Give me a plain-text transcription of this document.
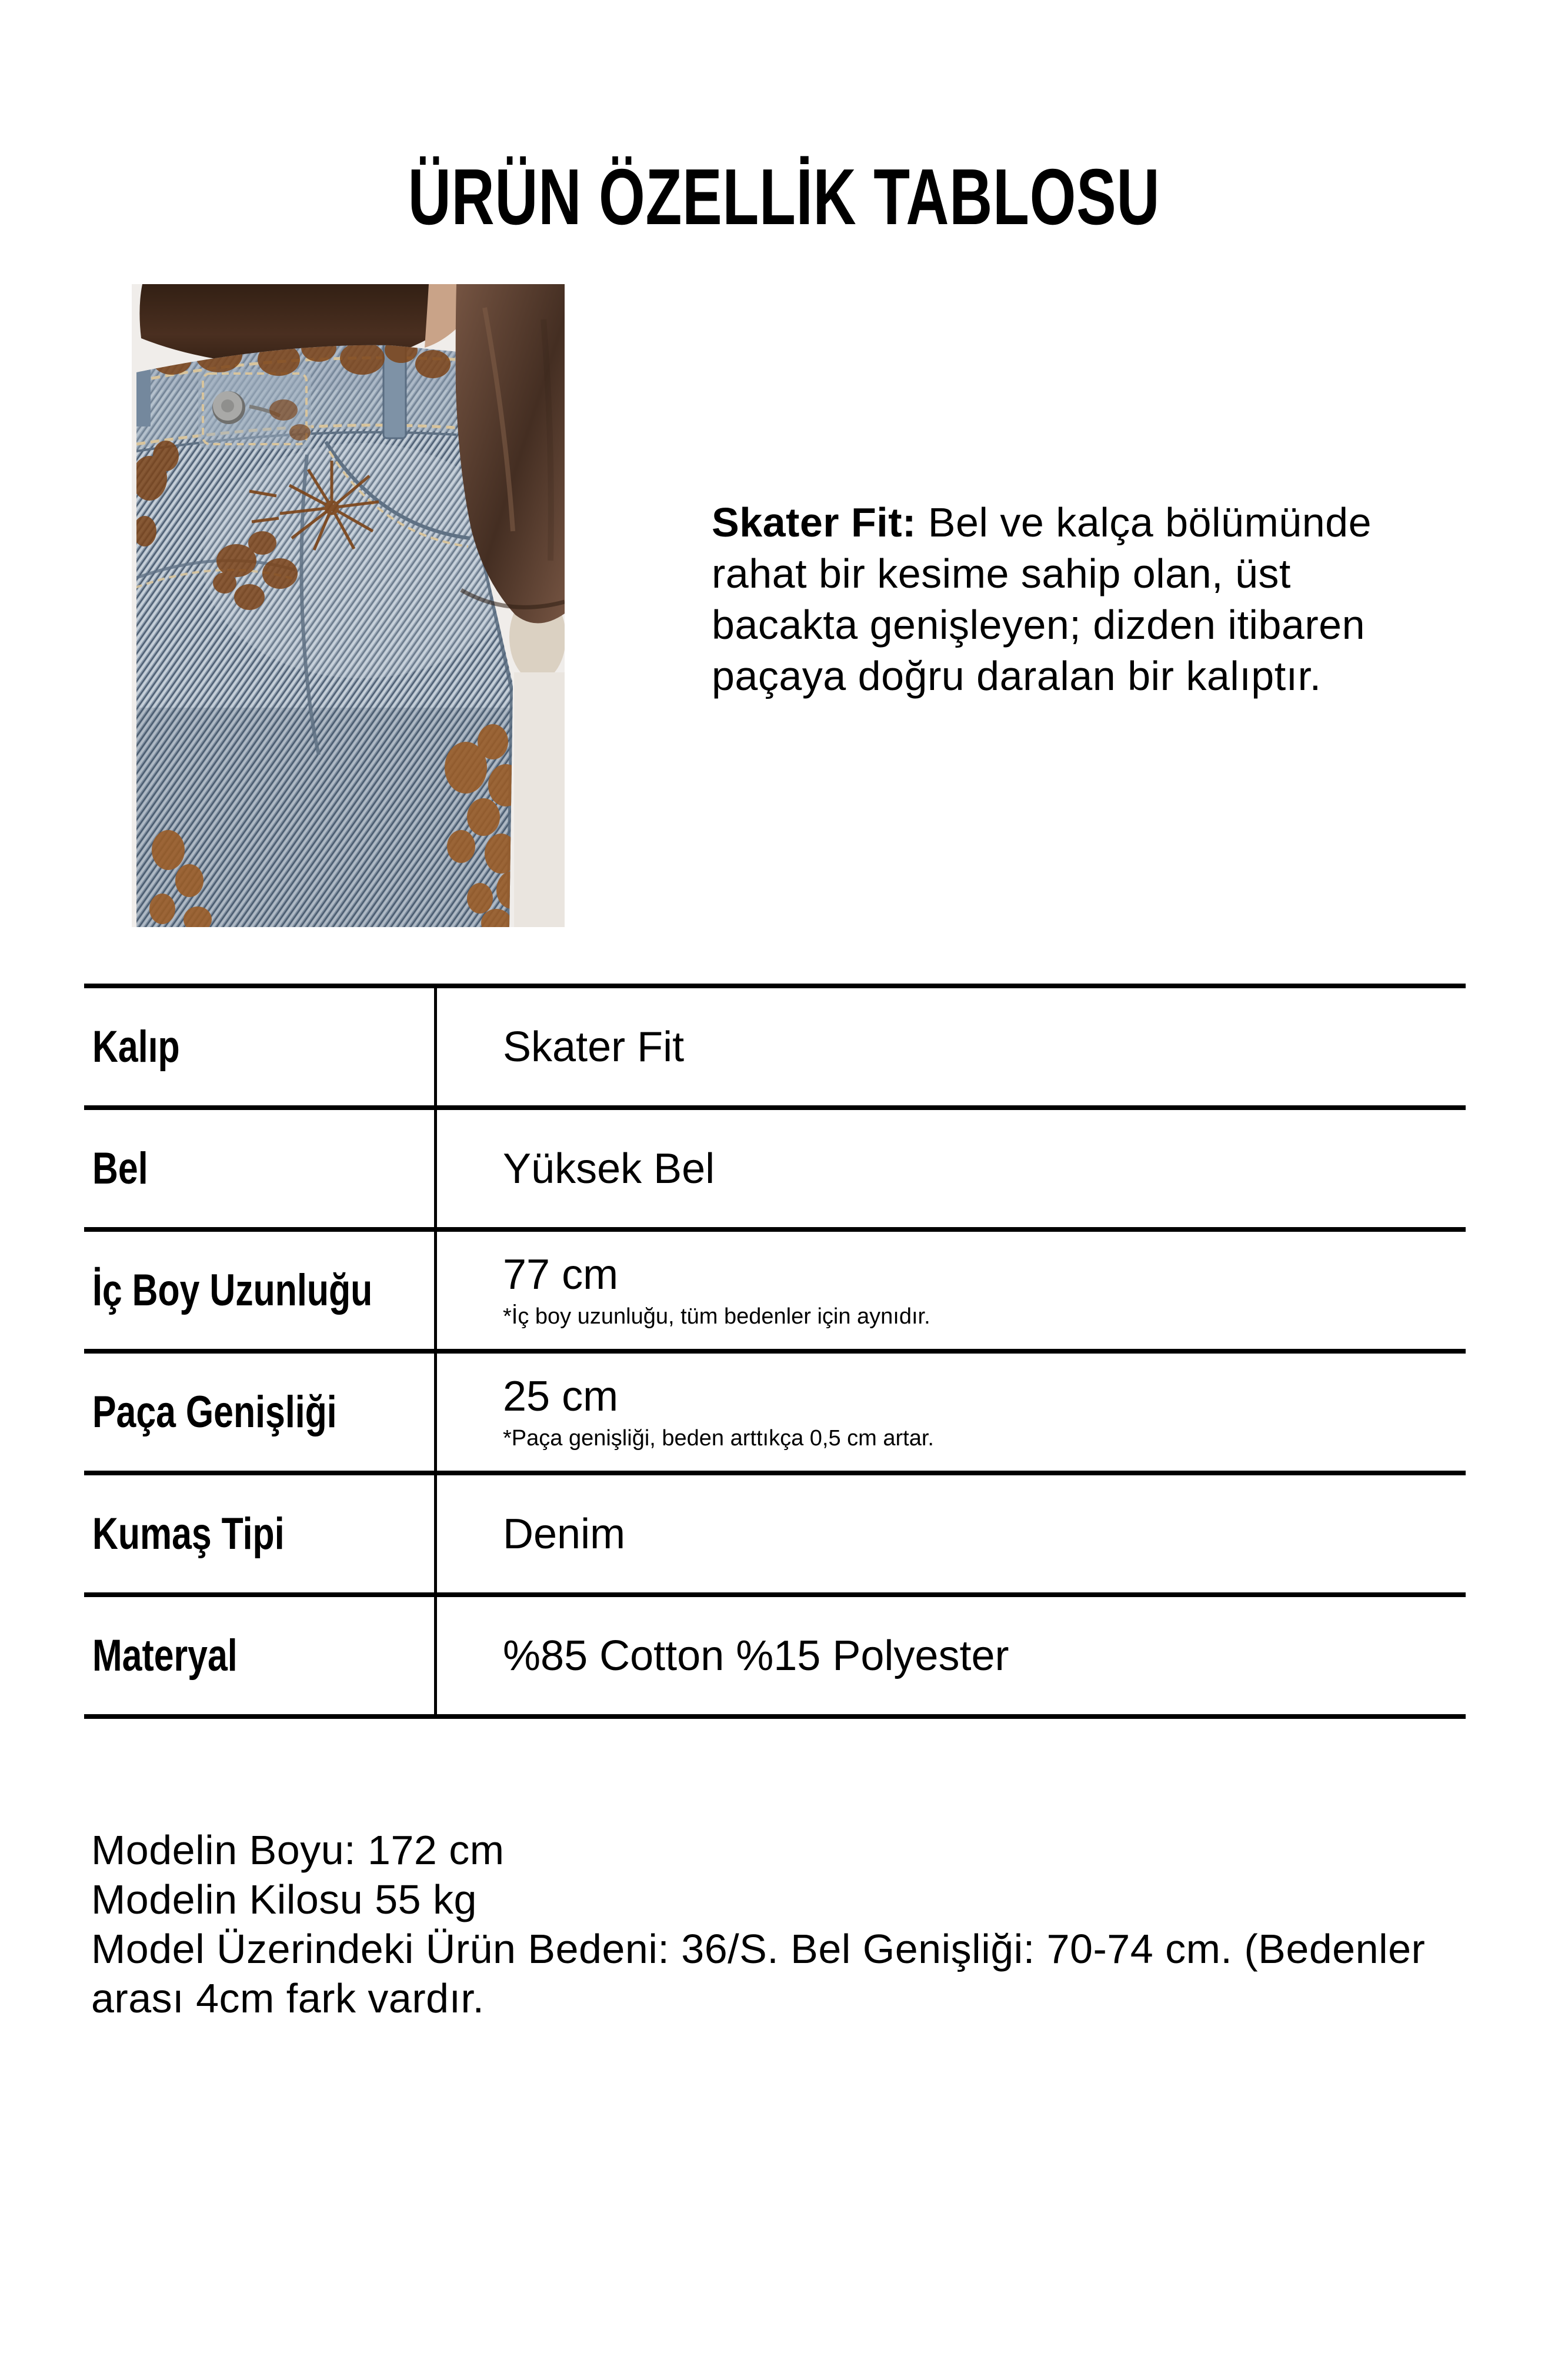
ÜRÜN ÖZELLİK TABLOSU

Skater Fit: Bel ve kalça bölümünde
rahat bir kesime sahip olan, üst
bacakta genişleyen; dizden itibaren
paçaya doğru daralan bir kalıptır.

Kalıp	Skater Fit
Bel	Yüksek Bel
İç Boy Uzunluğu	77 cm
*İç boy uzunluğu, tüm bedenler için aynıdır.
Paça Genişliği	25 cm
*Paça genişliği, beden arttıkça 0,5 cm artar.
Kumaş Tipi	Denim
Materyal	%85 Cotton %15 Polyester
Modelin Boyu: 172 cm
Modelin Kilosu 55 kg
Model Üzerindeki Ürün Bedeni: 36/S. Bel Genişliği: 70-74 cm. (Bedenler
arası 4cm fark vardır.
